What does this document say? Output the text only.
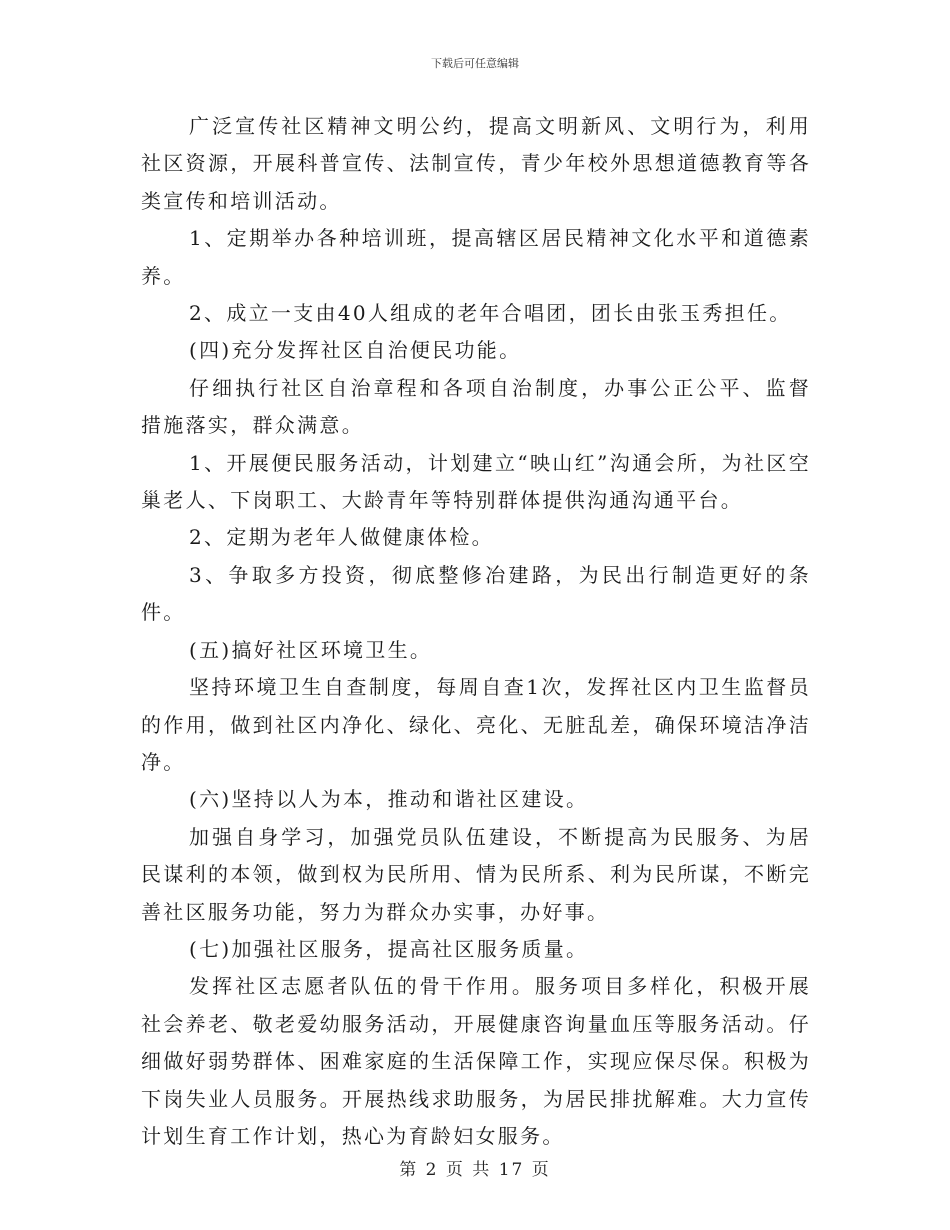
下载后可任意编辑

广泛宣传社区精神文明公约，提高文明新风、文明行为，利用社区资源，开展科普宣传、法制宣传，青少年校外思想道德教育等各类宣传和培训活动。

1、定期举办各种培训班，提高辖区居民精神文化水平和道德素养。

2、成立一支由40人组成的老年合唱团，团长由张玉秀担任。

(四)充分发挥社区自治便民功能。

仔细执行社区自治章程和各项自治制度，办事公正公平、监督措施落实，群众满意。

1、开展便民服务活动，计划建立“映山红”沟通会所，为社区空巢老人、下岗职工、大龄青年等特别群体提供沟通沟通平台。

2、定期为老年人做健康体检。

3、争取多方投资，彻底整修冶建路，为民出行制造更好的条件。

(五)搞好社区环境卫生。

坚持环境卫生自查制度，每周自查1次，发挥社区内卫生监督员的作用，做到社区内净化、绿化、亮化、无脏乱差，确保环境洁净洁净。

(六)坚持以人为本，推动和谐社区建设。

加强自身学习，加强党员队伍建设，不断提高为民服务、为居民谋利的本领，做到权为民所用、情为民所系、利为民所谋，不断完善社区服务功能，努力为群众办实事，办好事。

(七)加强社区服务，提高社区服务质量。

发挥社区志愿者队伍的骨干作用。服务项目多样化，积极开展社会养老、敬老爱幼服务活动，开展健康咨询量血压等服务活动。仔细做好弱势群体、困难家庭的生活保障工作，实现应保尽保。积极为下岗失业人员服务。开展热线求助服务，为居民排扰解难。大力宣传计划生育工作计划，热心为育龄妇女服务。

第 2 页 共 17 页
